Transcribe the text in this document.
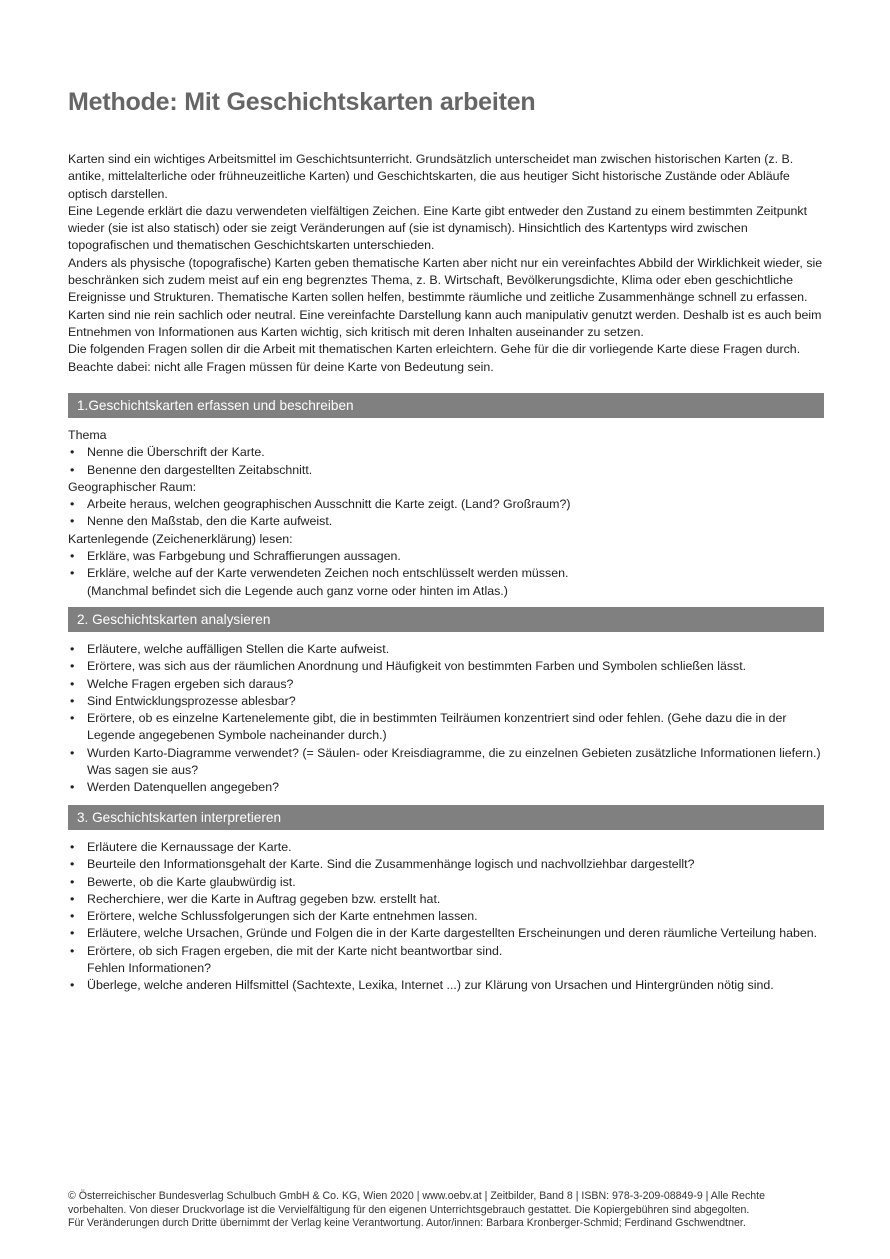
Methode: Mit Geschichtskarten arbeiten

Karten sind ein wichtiges Arbeitsmittel im Geschichtsunterricht. Grundsätzlich unterscheidet man zwischen historischen Karten (z. B. antike, mittelalterliche oder frühneuzeitliche Karten) und Geschichtskarten, die aus heutiger Sicht historische Zustände oder Abläufe optisch darstellen.

Eine Legende erklärt die dazu verwendeten vielfältigen Zeichen. Eine Karte gibt entweder den Zustand zu einem bestimmten Zeitpunkt wieder (sie ist also statisch) oder sie zeigt Veränderungen auf (sie ist dynamisch). Hinsichtlich des Kartentyps wird zwischen topografischen und thematischen Geschichtskarten unterschieden.

Anders als physische (topografische) Karten geben thematische Karten aber nicht nur ein vereinfachtes Abbild der Wirklichkeit wieder, sie beschränken sich zudem meist auf ein eng begrenztes Thema, z. B. Wirtschaft, Bevölkerungsdichte, Klima oder eben geschichtliche Ereignisse und Strukturen. Thematische Karten sollen helfen, bestimmte räumliche und zeitliche Zusammenhänge schnell zu erfassen. Karten sind nie rein sachlich oder neutral. Eine vereinfachte Darstellung kann auch manipulativ genutzt werden. Deshalb ist es auch beim Entnehmen von Informationen aus Karten wichtig, sich kritisch mit deren Inhalten auseinander zu setzen.

Die folgenden Fragen sollen dir die Arbeit mit thematischen Karten erleichtern. Gehe für die dir vorliegende Karte diese Fragen durch. Beachte dabei: nicht alle Fragen müssen für deine Karte von Bedeutung sein.

1.Geschichtskarten erfassen und beschreiben

Thema

• Nenne die Überschrift der Karte.
• Benenne den dargestellten Zeitabschnitt.

Geographischer Raum:

• Arbeite heraus, welchen geographischen Ausschnitt die Karte zeigt. (Land? Großraum?)
• Nenne den Maßstab, den die Karte aufweist.

Kartenlegende (Zeichenerklärung) lesen:

• Erkläre, was Farbgebung und Schraffierungen aussagen.
• Erkläre, welche auf der Karte verwendeten Zeichen noch entschlüsselt werden müssen. (Manchmal befindet sich die Legende auch ganz vorne oder hinten im Atlas.)
2. Geschichtskarten analysieren
• Erläutere, welche auffälligen Stellen die Karte aufweist.
• Erörtere, was sich aus der räumlichen Anordnung und Häufigkeit von bestimmten Farben und Symbolen schließen lässt.
• Welche Fragen ergeben sich daraus?
• Sind Entwicklungsprozesse ablesbar?
• Erörtere, ob es einzelne Kartenelemente gibt, die in bestimmten Teilräumen konzentriert sind oder fehlen. (Gehe dazu die in der Legende angegebenen Symbole nacheinander durch.)
• Wurden Karto-Diagramme verwendet? (= Säulen- oder Kreisdiagramme, die zu einzelnen Gebieten zusätzliche Informationen liefern.) Was sagen sie aus?
• Werden Datenquellen angegeben?
3. Geschichtskarten interpretieren
• Erläutere die Kernaussage der Karte.
• Beurteile den Informationsgehalt der Karte. Sind die Zusammenhänge logisch und nachvollziehbar dargestellt?
• Bewerte, ob die Karte glaubwürdig ist.
• Recherchiere, wer die Karte in Auftrag gegeben bzw. erstellt hat.
• Erörtere, welche Schlussfolgerungen sich der Karte entnehmen lassen.
• Erläutere, welche Ursachen, Gründe und Folgen die in der Karte dargestellten Erscheinungen und deren räumliche Verteilung haben.
• Erörtere, ob sich Fragen ergeben, die mit der Karte nicht beantwortbar sind.
Fehlen Informationen?
• Überlege, welche anderen Hilfsmittel (Sachtexte, Lexika, Internet ...) zur Klärung von Ursachen und Hintergründen nötig sind.

© Österreichischer Bundesverlag Schulbuch GmbH & Co. KG, Wien 2020 | www.oebv.at | Zeitbilder, Band 8 | ISBN: 978-3-209-08849-9 | Alle Rechte

vorbehalten. Von dieser Druckvorlage ist die Vervielfältigung für den eigenen Unterrichtsgebrauch gestattet. Die Kopiergebühren sind abgegolten.

Für Veränderungen durch Dritte übernimmt der Verlag keine Verantwortung. Autor/innen: Barbara Kronberger-Schmid; Ferdinand Gschwendtner.
